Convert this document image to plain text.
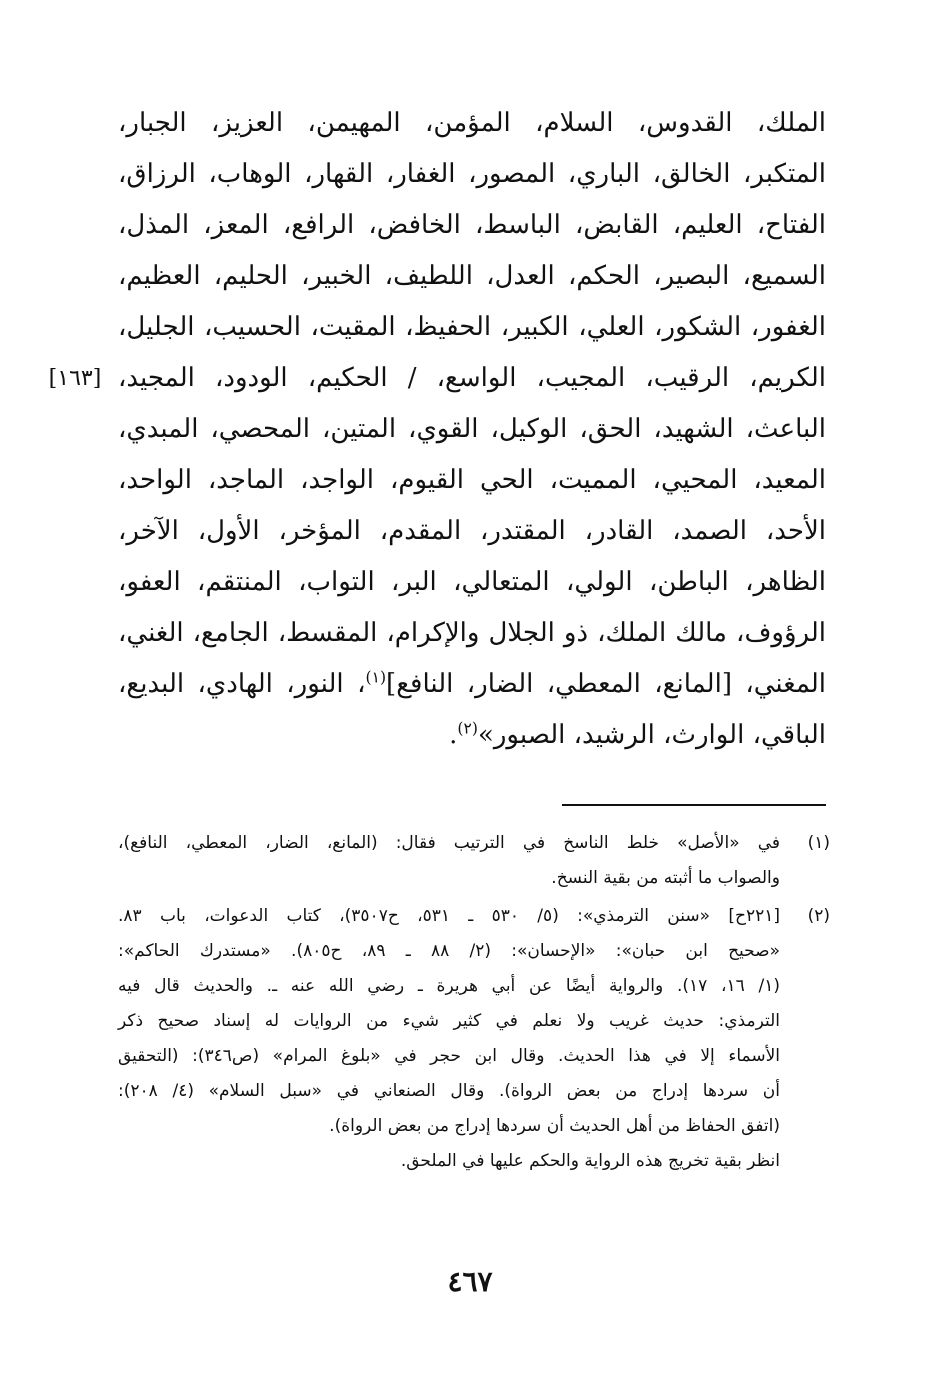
الملك، القدوس، السلام، المؤمن، المهيمن، العزيز، الجبار،
المتكبر، الخالق، الباري، المصور، الغفار، القهار، الوهاب، الرزاق،
الفتاح، العليم، القابض، الباسط، الخافض، الرافع، المعز، المذل،
السميع، البصير، الحكم، العدل، اللطيف، الخبير، الحليم، العظيم،
الغفور، الشكور، العلي، الكبير، الحفيظ، المقيت، الحسيب، الجليل،
الكريم، الرقيب، المجيب، الواسع، / الحكيم، الودود، المجيد،
الباعث، الشهيد، الحق، الوكيل، القوي، المتين، المحصي، المبدي،
المعيد، المحيي، المميت، الحي القيوم، الواجد، الماجد، الواحد،
الأحد، الصمد، القادر، المقتدر، المقدم، المؤخر، الأول، الآخر،
الظاهر، الباطن، الولي، المتعالي، البر، التواب، المنتقم، العفو،
الرؤوف، مالك الملك، ذو الجلال والإكرام، المقسط، الجامع، الغني،
المغني، [المانع، المعطي، الضار، النافع]$^{(١)}$، النور، الهادي، البديع،
الباقي، الوارث، الرشيد، الصبور»$^{(٢)}$.
[١٦٣]
(١)
في «الأصل» خلط الناسخ في الترتيب فقال: (المانع، الضار، المعطي، النافع)،
والصواب ما أثبته من بقية النسخ.
(٢)
[٢٢١ح] «سنن الترمذي»: (٥/ ٥٣٠ ـ ٥٣١، ح٣٥٠٧)، كتاب الدعوات، باب ٨٣.
«صحيح ابن حبان»: «الإحسان»: (٢/ ٨٨ ـ ٨٩، ح٨٠٥). «مستدرك الحاكم»:
(١/ ١٦، ١٧). والرواية أيضًا عن أبي هريرة ـ رضي الله عنه ـ. والحديث قال فيه
الترمذي: حديث غريب ولا نعلم في كثير شيء من الروايات له إسناد صحيح ذكر
الأسماء إلا في هذا الحديث. وقال ابن حجر في «بلوغ المرام» (ص٣٤٦): (التحقيق
أن سردها إدراج من بعض الرواة). وقال الصنعاني في «سبل السلام» (٤/ ٢٠٨):
(اتفق الحفاظ من أهل الحديث أن سردها إدراج من بعض الرواة).
انظر بقية تخريج هذه الرواية والحكم عليها في الملحق.
٤٦٧
